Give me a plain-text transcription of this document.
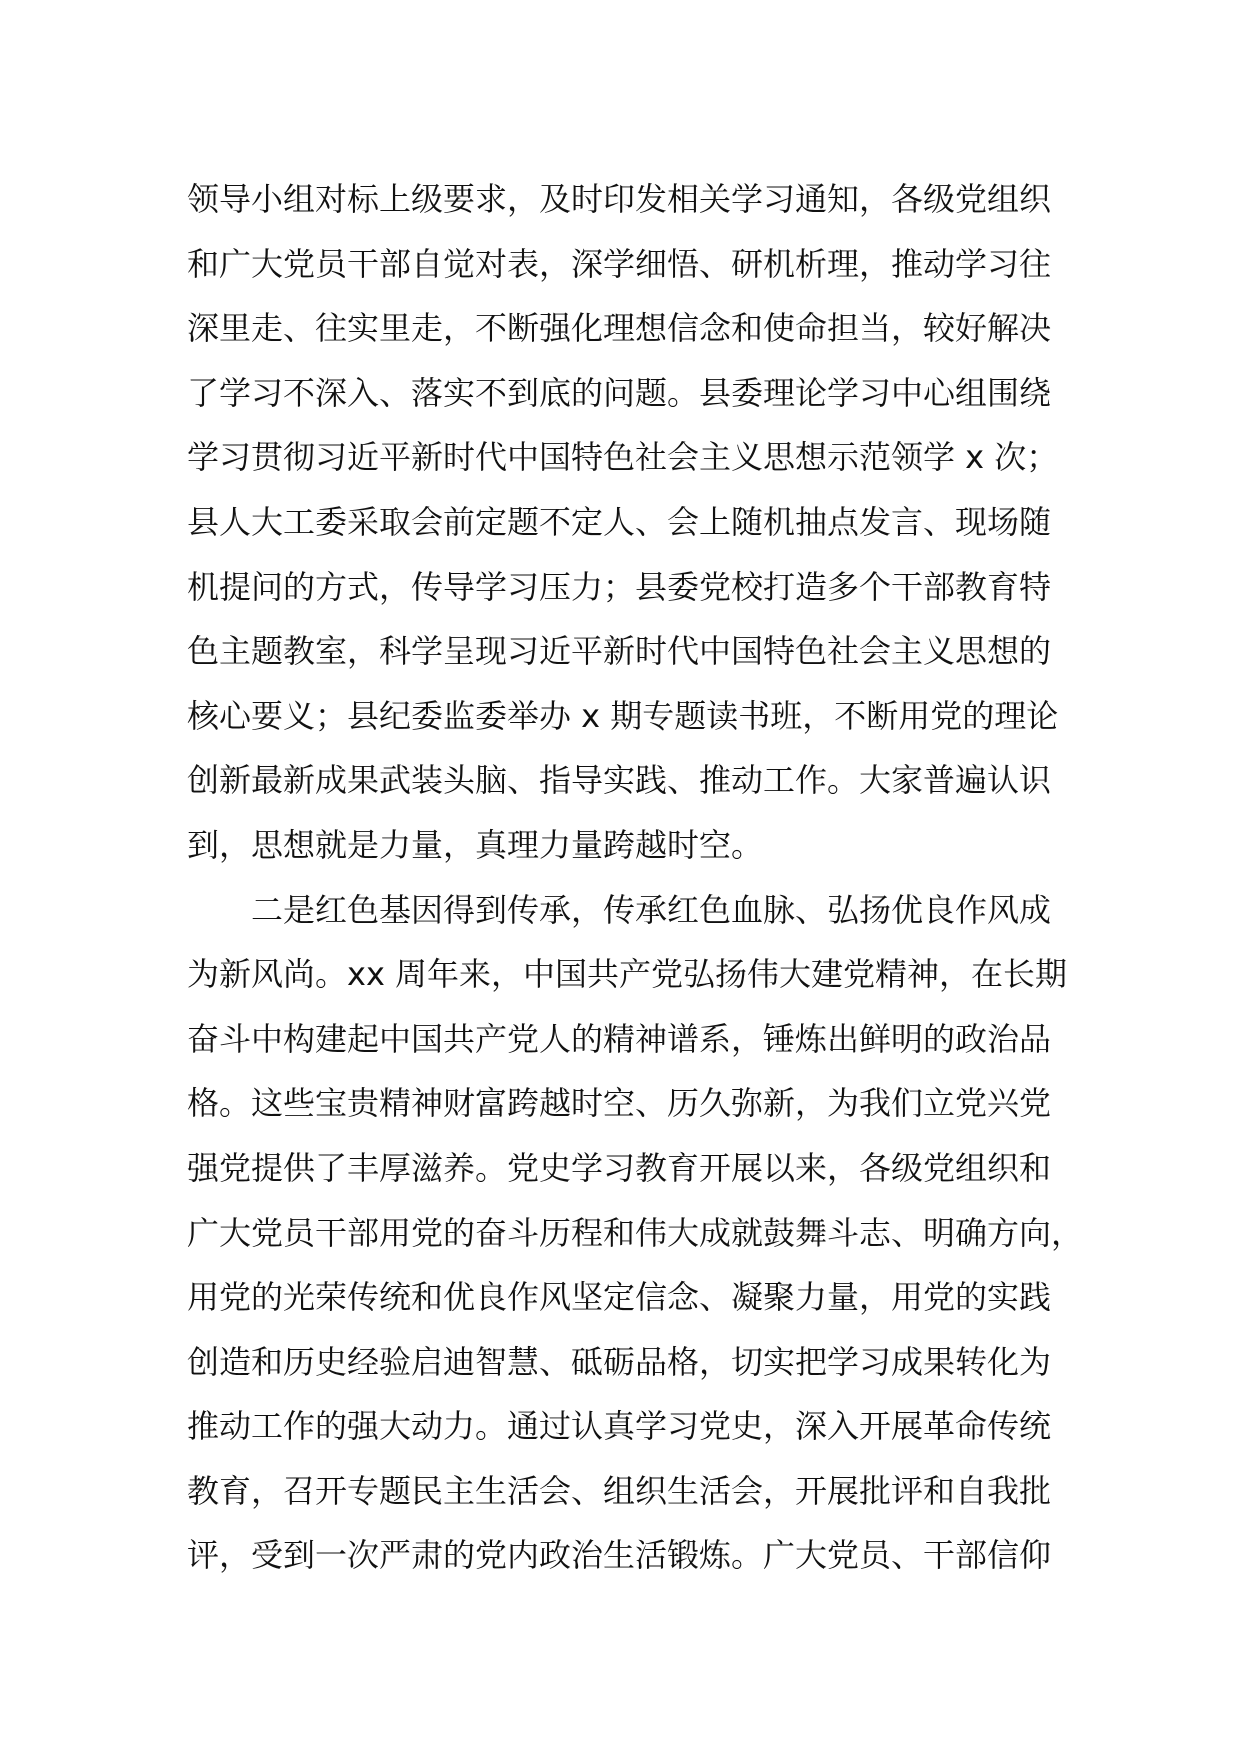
领导小组对标上级要求，及时印发相关学习通知，各级党组织
和广大党员干部自觉对表，深学细悟、研机析理，推动学习往
深里走、往实里走，不断强化理想信念和使命担当，较好解决
了学习不深入、落实不到底的问题。县委理论学习中心组围绕
学习贯彻习近平新时代中国特色社会主义思想示范领学 x 次；
县人大工委采取会前定题不定人、会上随机抽点发言、现场随
机提问的方式，传导学习压力；县委党校打造多个干部教育特
色主题教室，科学呈现习近平新时代中国特色社会主义思想的
核心要义；县纪委监委举办 x 期专题读书班，不断用党的理论
创新最新成果武装头脑、指导实践、推动工作。大家普遍认识
到，思想就是力量，真理力量跨越时空。
二是红色基因得到传承，传承红色血脉、弘扬优良作风成
为新风尚。xx 周年来，中国共产党弘扬伟大建党精神，在长期
奋斗中构建起中国共产党人的精神谱系，锤炼出鲜明的政治品
格。这些宝贵精神财富跨越时空、历久弥新，为我们立党兴党
强党提供了丰厚滋养。党史学习教育开展以来，各级党组织和
广大党员干部用党的奋斗历程和伟大成就鼓舞斗志、明确方向，
用党的光荣传统和优良作风坚定信念、凝聚力量，用党的实践
创造和历史经验启迪智慧、砥砺品格，切实把学习成果转化为
推动工作的强大动力。通过认真学习党史，深入开展革命传统
教育，召开专题民主生活会、组织生活会，开展批评和自我批
评，受到一次严肃的党内政治生活锻炼。广大党员、干部信仰
